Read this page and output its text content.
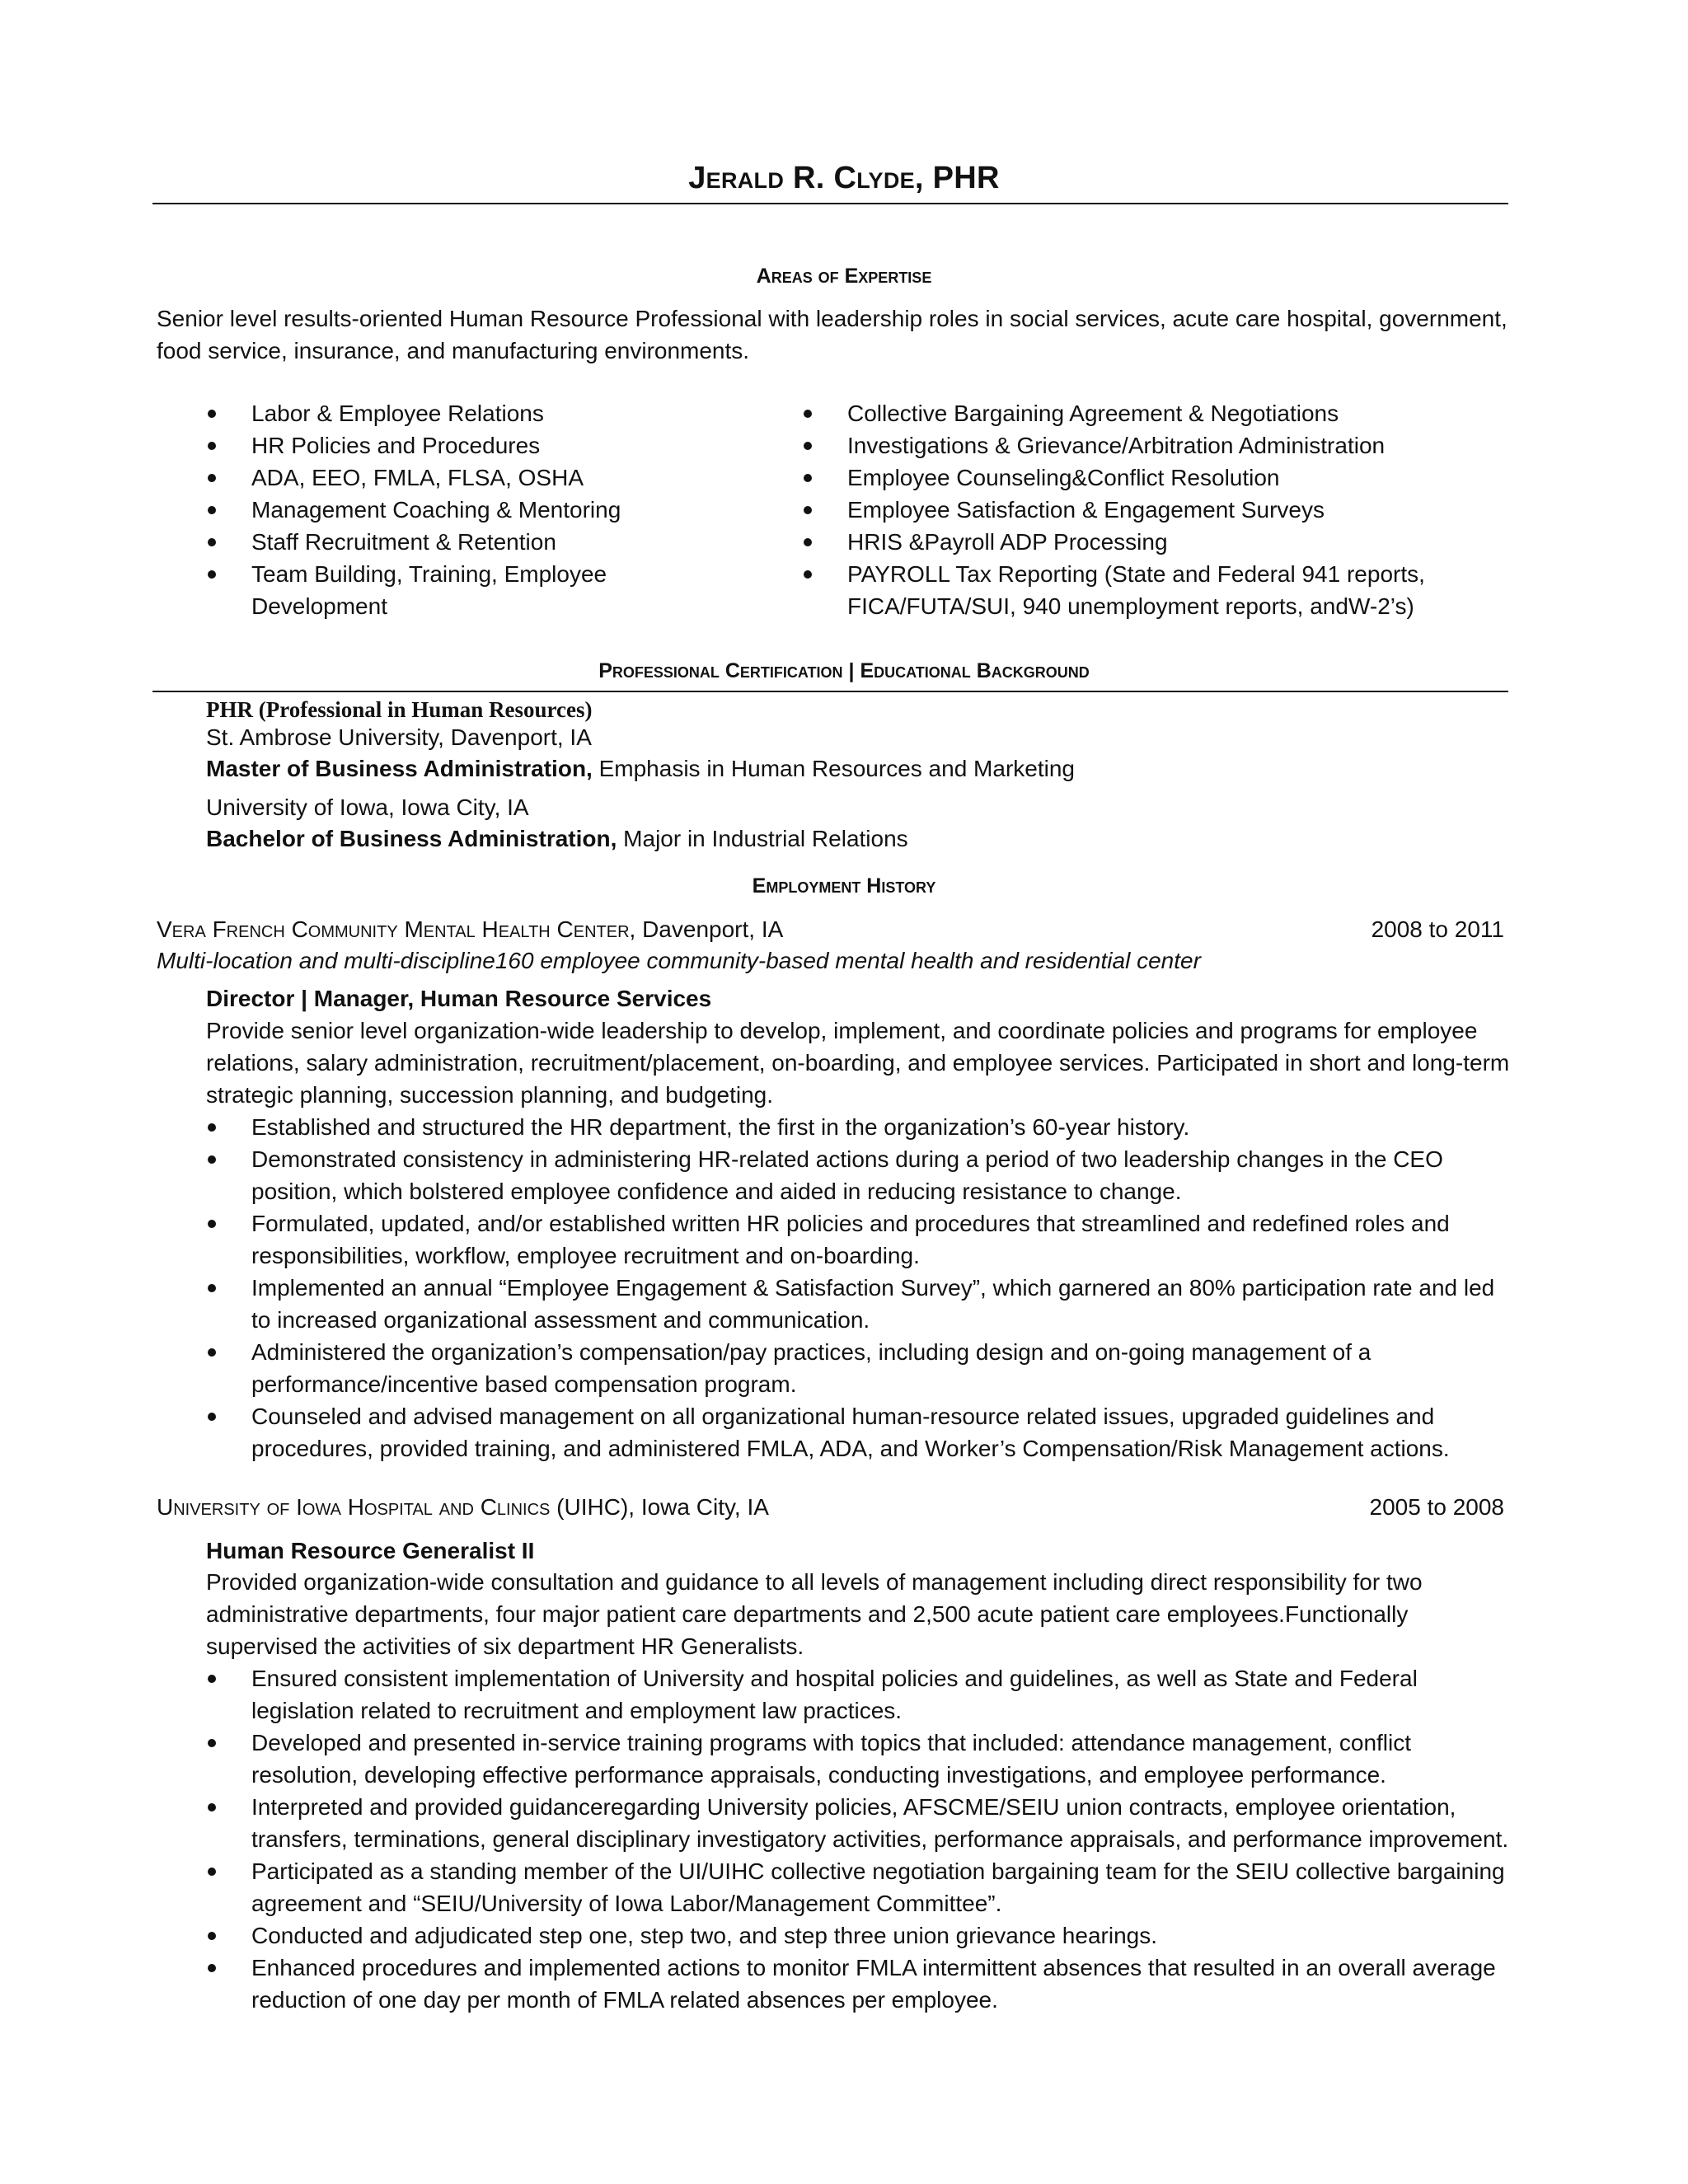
Jerald R. Clyde, PHR
Areas of Expertise
Senior level results-oriented Human Resource Professional with leadership roles in social services, acute care hospital, government, food service, insurance, and manufacturing environments.
Labor & Employee Relations
HR Policies and Procedures
ADA, EEO, FMLA, FLSA, OSHA
Management Coaching & Mentoring
Staff Recruitment & Retention
Team Building, Training, Employee Development
Collective Bargaining Agreement & Negotiations
Investigations & Grievance/Arbitration Administration
Employee Counseling&Conflict Resolution
Employee Satisfaction & Engagement Surveys
HRIS &Payroll ADP Processing
PAYROLL Tax Reporting (State and Federal 941 reports, FICA/FUTA/SUI, 940 unemployment reports, andW-2’s)
Professional Certification | Educational Background
PHR (Professional in Human Resources)
St. Ambrose University, Davenport, IA
Master of Business Administration, Emphasis in Human Resources and Marketing
University of Iowa, Iowa City, IA
Bachelor of Business Administration, Major in Industrial Relations
Employment History
Vera French Community Mental Health Center, Davenport, IA	2008 to 2011
Multi-location and multi-discipline160 employee community-based mental health and residential center
Director | Manager, Human Resource Services
Provide senior level organization-wide leadership to develop, implement, and coordinate policies and programs for employee relations, salary administration, recruitment/placement, on-boarding, and employee services. Participated in short and long-term strategic planning, succession planning, and budgeting.
Established and structured the HR department, the first in the organization’s 60-year history.
Demonstrated consistency in administering HR-related actions during a period of two leadership changes in the CEO position, which bolstered employee confidence and aided in reducing resistance to change.
Formulated, updated, and/or established written HR policies and procedures that streamlined and redefined roles and responsibilities, workflow, employee recruitment and on-boarding.
Implemented an annual “Employee Engagement & Satisfaction Survey”, which garnered an 80% participation rate and led to increased organizational assessment and communication.
Administered the organization’s compensation/pay practices, including design and on-going management of a performance/incentive based compensation program.
Counseled and advised management on all organizational human-resource related issues, upgraded guidelines and procedures, provided training, and administered FMLA, ADA, and Worker’s Compensation/Risk Management actions.
University of Iowa Hospital and Clinics (UIHC), Iowa City, IA	2005 to 2008
Human Resource Generalist II
Provided organization-wide consultation and guidance to all levels of management including direct responsibility for two administrative departments, four major patient care departments and 2,500 acute patient care employees.Functionally supervised the activities of six department HR Generalists.
Ensured consistent implementation of University and hospital policies and guidelines, as well as State and Federal legislation related to recruitment and employment law practices.
Developed and presented in-service training programs with topics that included: attendance management, conflict resolution, developing effective performance appraisals, conducting investigations, and employee performance.
Interpreted and provided guidanceregarding University policies, AFSCME/SEIU union contracts, employee orientation, transfers, terminations, general disciplinary investigatory activities, performance appraisals, and performance improvement.
Participated as a standing member of the UI/UIHC collective negotiation bargaining team for the SEIU collective bargaining agreement and “SEIU/University of Iowa Labor/Management Committee”.
Conducted and adjudicated step one, step two, and step three union grievance hearings.
Enhanced procedures and implemented actions to monitor FMLA intermittent absences that resulted in an overall average reduction of one day per month of FMLA related absences per employee.
